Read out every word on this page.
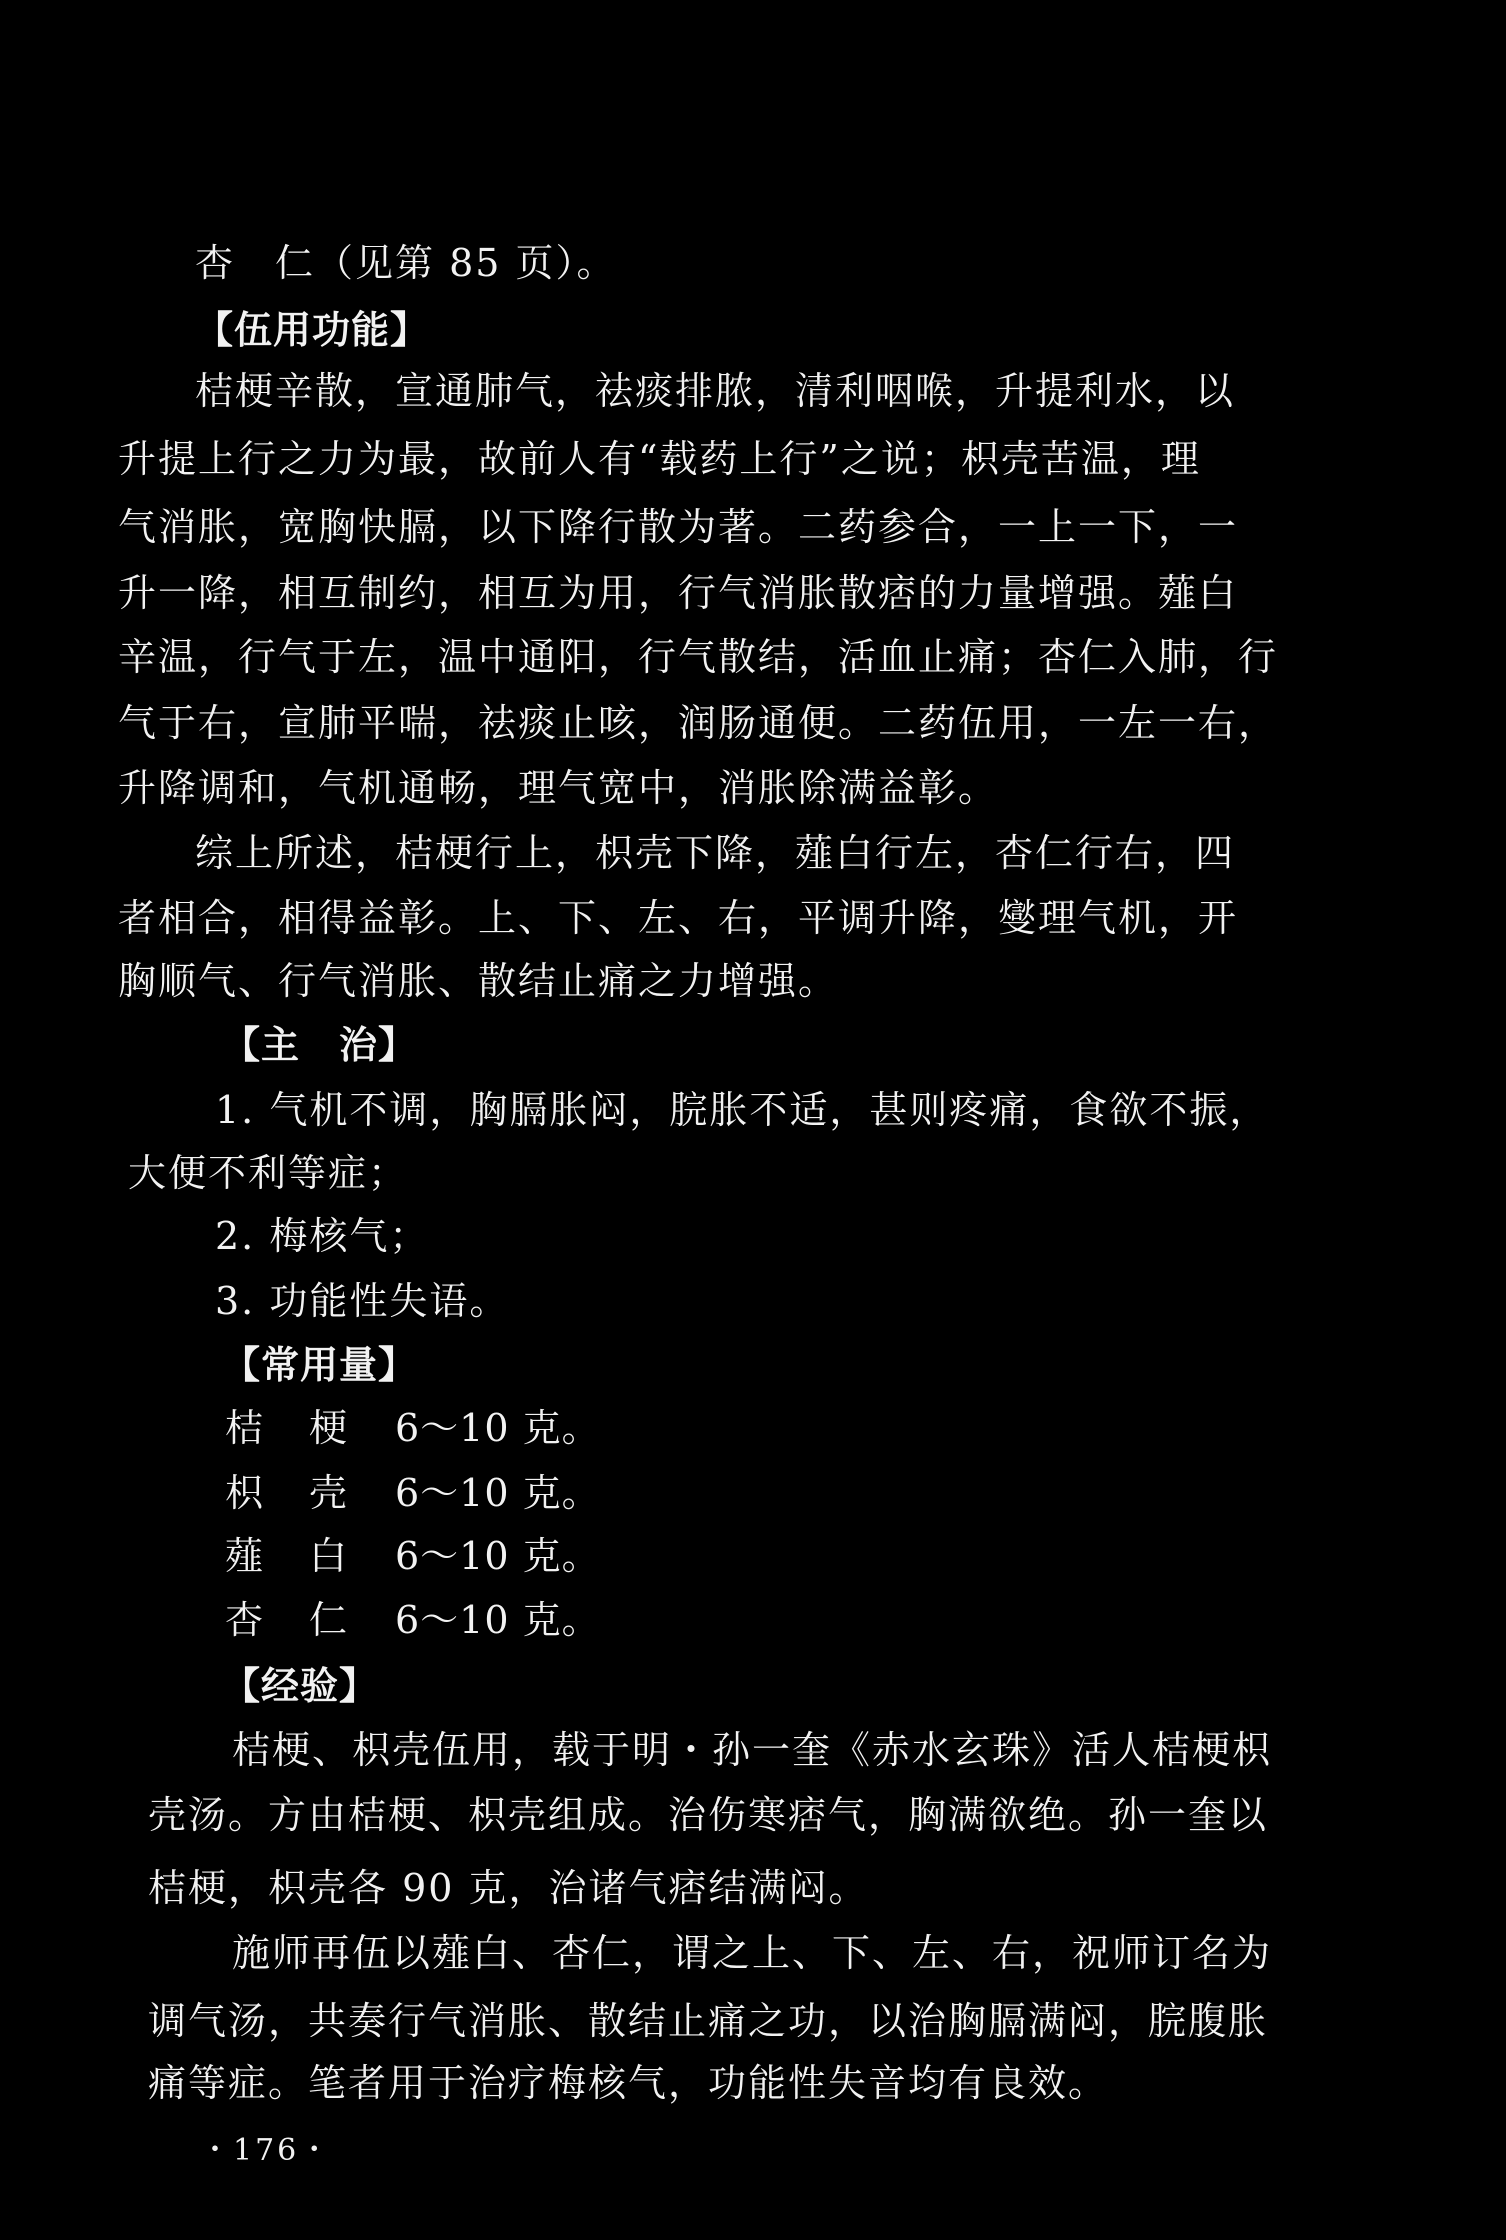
杏　仁（见第 85 页）。
【伍用功能】
桔梗辛散，宣通肺气，祛痰排脓，清利咽喉，升提利水，以
升提上行之力为最，故前人有“载药上行”之说；枳壳苦温，理
气消胀，宽胸快膈，以下降行散为著。二药参合，一上一下，一
升一降，相互制约，相互为用，行气消胀散痞的力量增强。薤白
辛温，行气于左，温中通阳，行气散结，活血止痛；杏仁入肺，行
气于右，宣肺平喘，祛痰止咳，润肠通便。二药伍用，一左一右，
升降调和，气机通畅，理气宽中，消胀除满益彰。
综上所述，桔梗行上，枳壳下降，薤白行左，杏仁行右，四
者相合，相得益彰。上、下、左、右，平调升降，燮理气机，开
胸顺气、行气消胀、散结止痛之力增强。
【主　治】
1. 气机不调，胸膈胀闷，脘胀不适，甚则疼痛，食欲不振，
大便不利等症；
2. 梅核气；
3. 功能性失语。
【常用量】
桔梗 6～10 克。
枳壳 6～10 克。
薤白 6～10 克。
杏仁 6～10 克。
【经验】
桔梗、枳壳伍用，载于明・孙一奎《赤水玄珠》活人桔梗枳
壳汤。方由桔梗、枳壳组成。治伤寒痞气，胸满欲绝。孙一奎以
桔梗，枳壳各 90 克，治诸气痞结满闷。
施师再伍以薤白、杏仁，谓之上、下、左、右，祝师订名为
调气汤，共奏行气消胀、散结止痛之功，以治胸膈满闷，脘腹胀
痛等症。笔者用于治疗梅核气，功能性失音均有良效。
・176・
